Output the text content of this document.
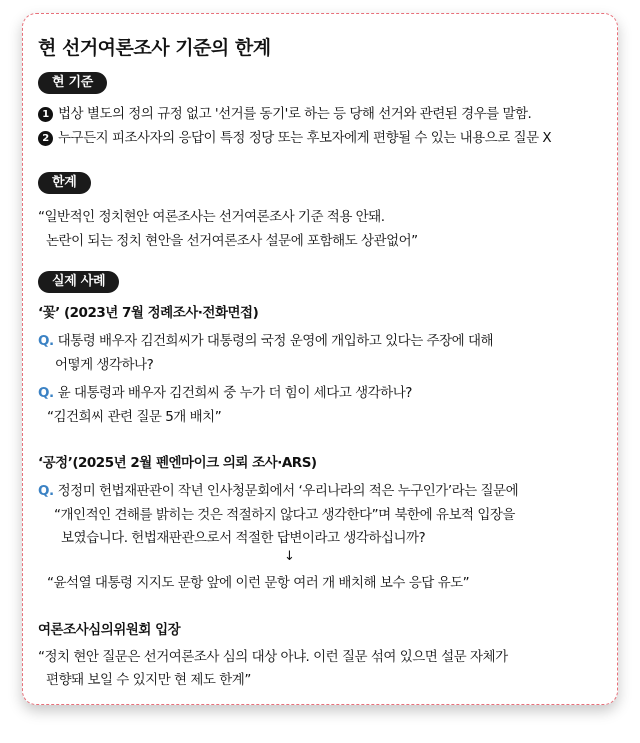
현 선거여론조사 기준의 한계
현 기준
1 법상 별도의 정의 규정 없고 '선거를 동기'로 하는 등 당해 선거와 관련된 경우를 말함.
2 누구든지 피조사자의 응답이 특정 정당 또는 후보자에게 편향될 수 있는 내용으로 질문 X
한계
“일반적인 정치현안 여론조사는 선거여론조사 기준 적용 안돼.
논란이 되는 정치 현안을 선거여론조사 설문에 포함해도 상관없어”
실제 사례
‘꽃’ (2023년 7월 정례조사·전화면접)
Q. 대통령 배우자 김건희씨가 대통령의 국정 운영에 개입하고 있다는 주장에 대해
어떻게 생각하나?
Q. 윤 대통령과 배우자 김건희씨 중 누가 더 힘이 세다고 생각하나?
“김건희씨 관련 질문 5개 배치”
‘공정’(2025년 2월 펜엔마이크 의뢰 조사·ARS)
Q. 정정미 헌법재판관이 작년 인사청문회에서 ‘우리나라의 적은 누구인가’라는 질문에
“개인적인 견해를 밝히는 것은 적절하지 않다고 생각한다”며 북한에 유보적 입장을
보였습니다. 헌법재판관으로서 적절한 답변이라고 생각하십니까?
↓
“윤석열 대통령 지지도 문항 앞에 이런 문항 여러 개 배치해 보수 응답 유도”
여론조사심의위원회 입장
“정치 현안 질문은 선거여론조사 심의 대상 아냐. 이런 질문 섞여 있으면 설문 자체가
편향돼 보일 수 있지만 현 제도 한계”
